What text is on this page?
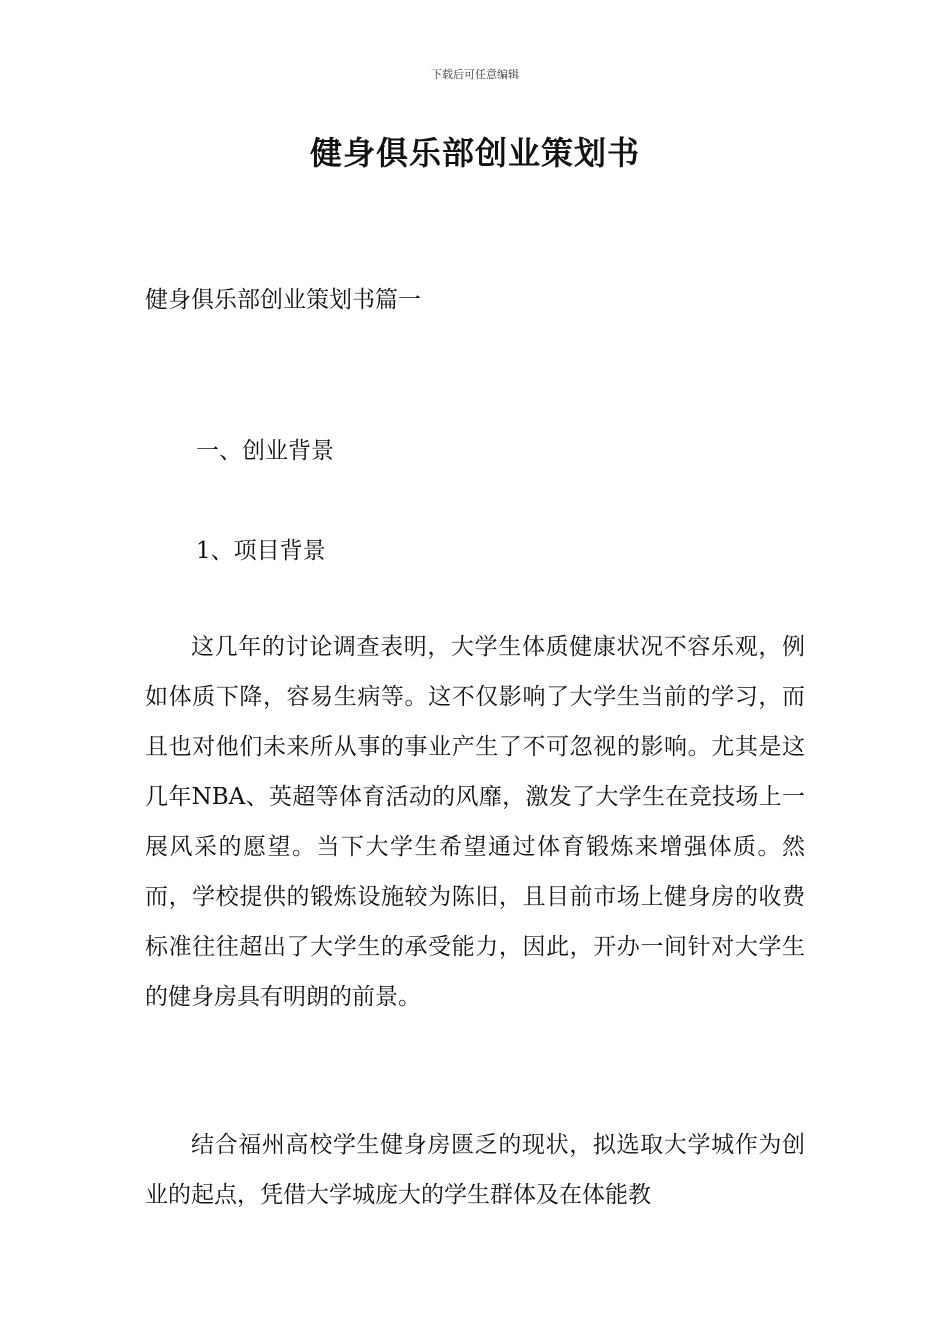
下载后可任意编辑
健身俱乐部创业策划书

健身俱乐部创业策划书篇一

一、创业背景

1、项目背景

这几年的讨论调查表明，大学生体质健康状况不容乐观，例如体质下降，容易生病等。这不仅影响了大学生当前的学习，而且也对他们未来所从事的事业产生了不可忽视的影响。尤其是这几年NBA、英超等体育活动的风靡，激发了大学生在竞技场上一展风采的愿望。当下大学生希望通过体育锻炼来增强体质。然而，学校提供的锻炼设施较为陈旧，且目前市场上健身房的收费标准往往超出了大学生的承受能力，因此，开办一间针对大学生的健身房具有明朗的前景。

结合福州高校学生健身房匮乏的现状，拟选取大学城作为创业的起点，凭借大学城庞大的学生群体及在体能教
